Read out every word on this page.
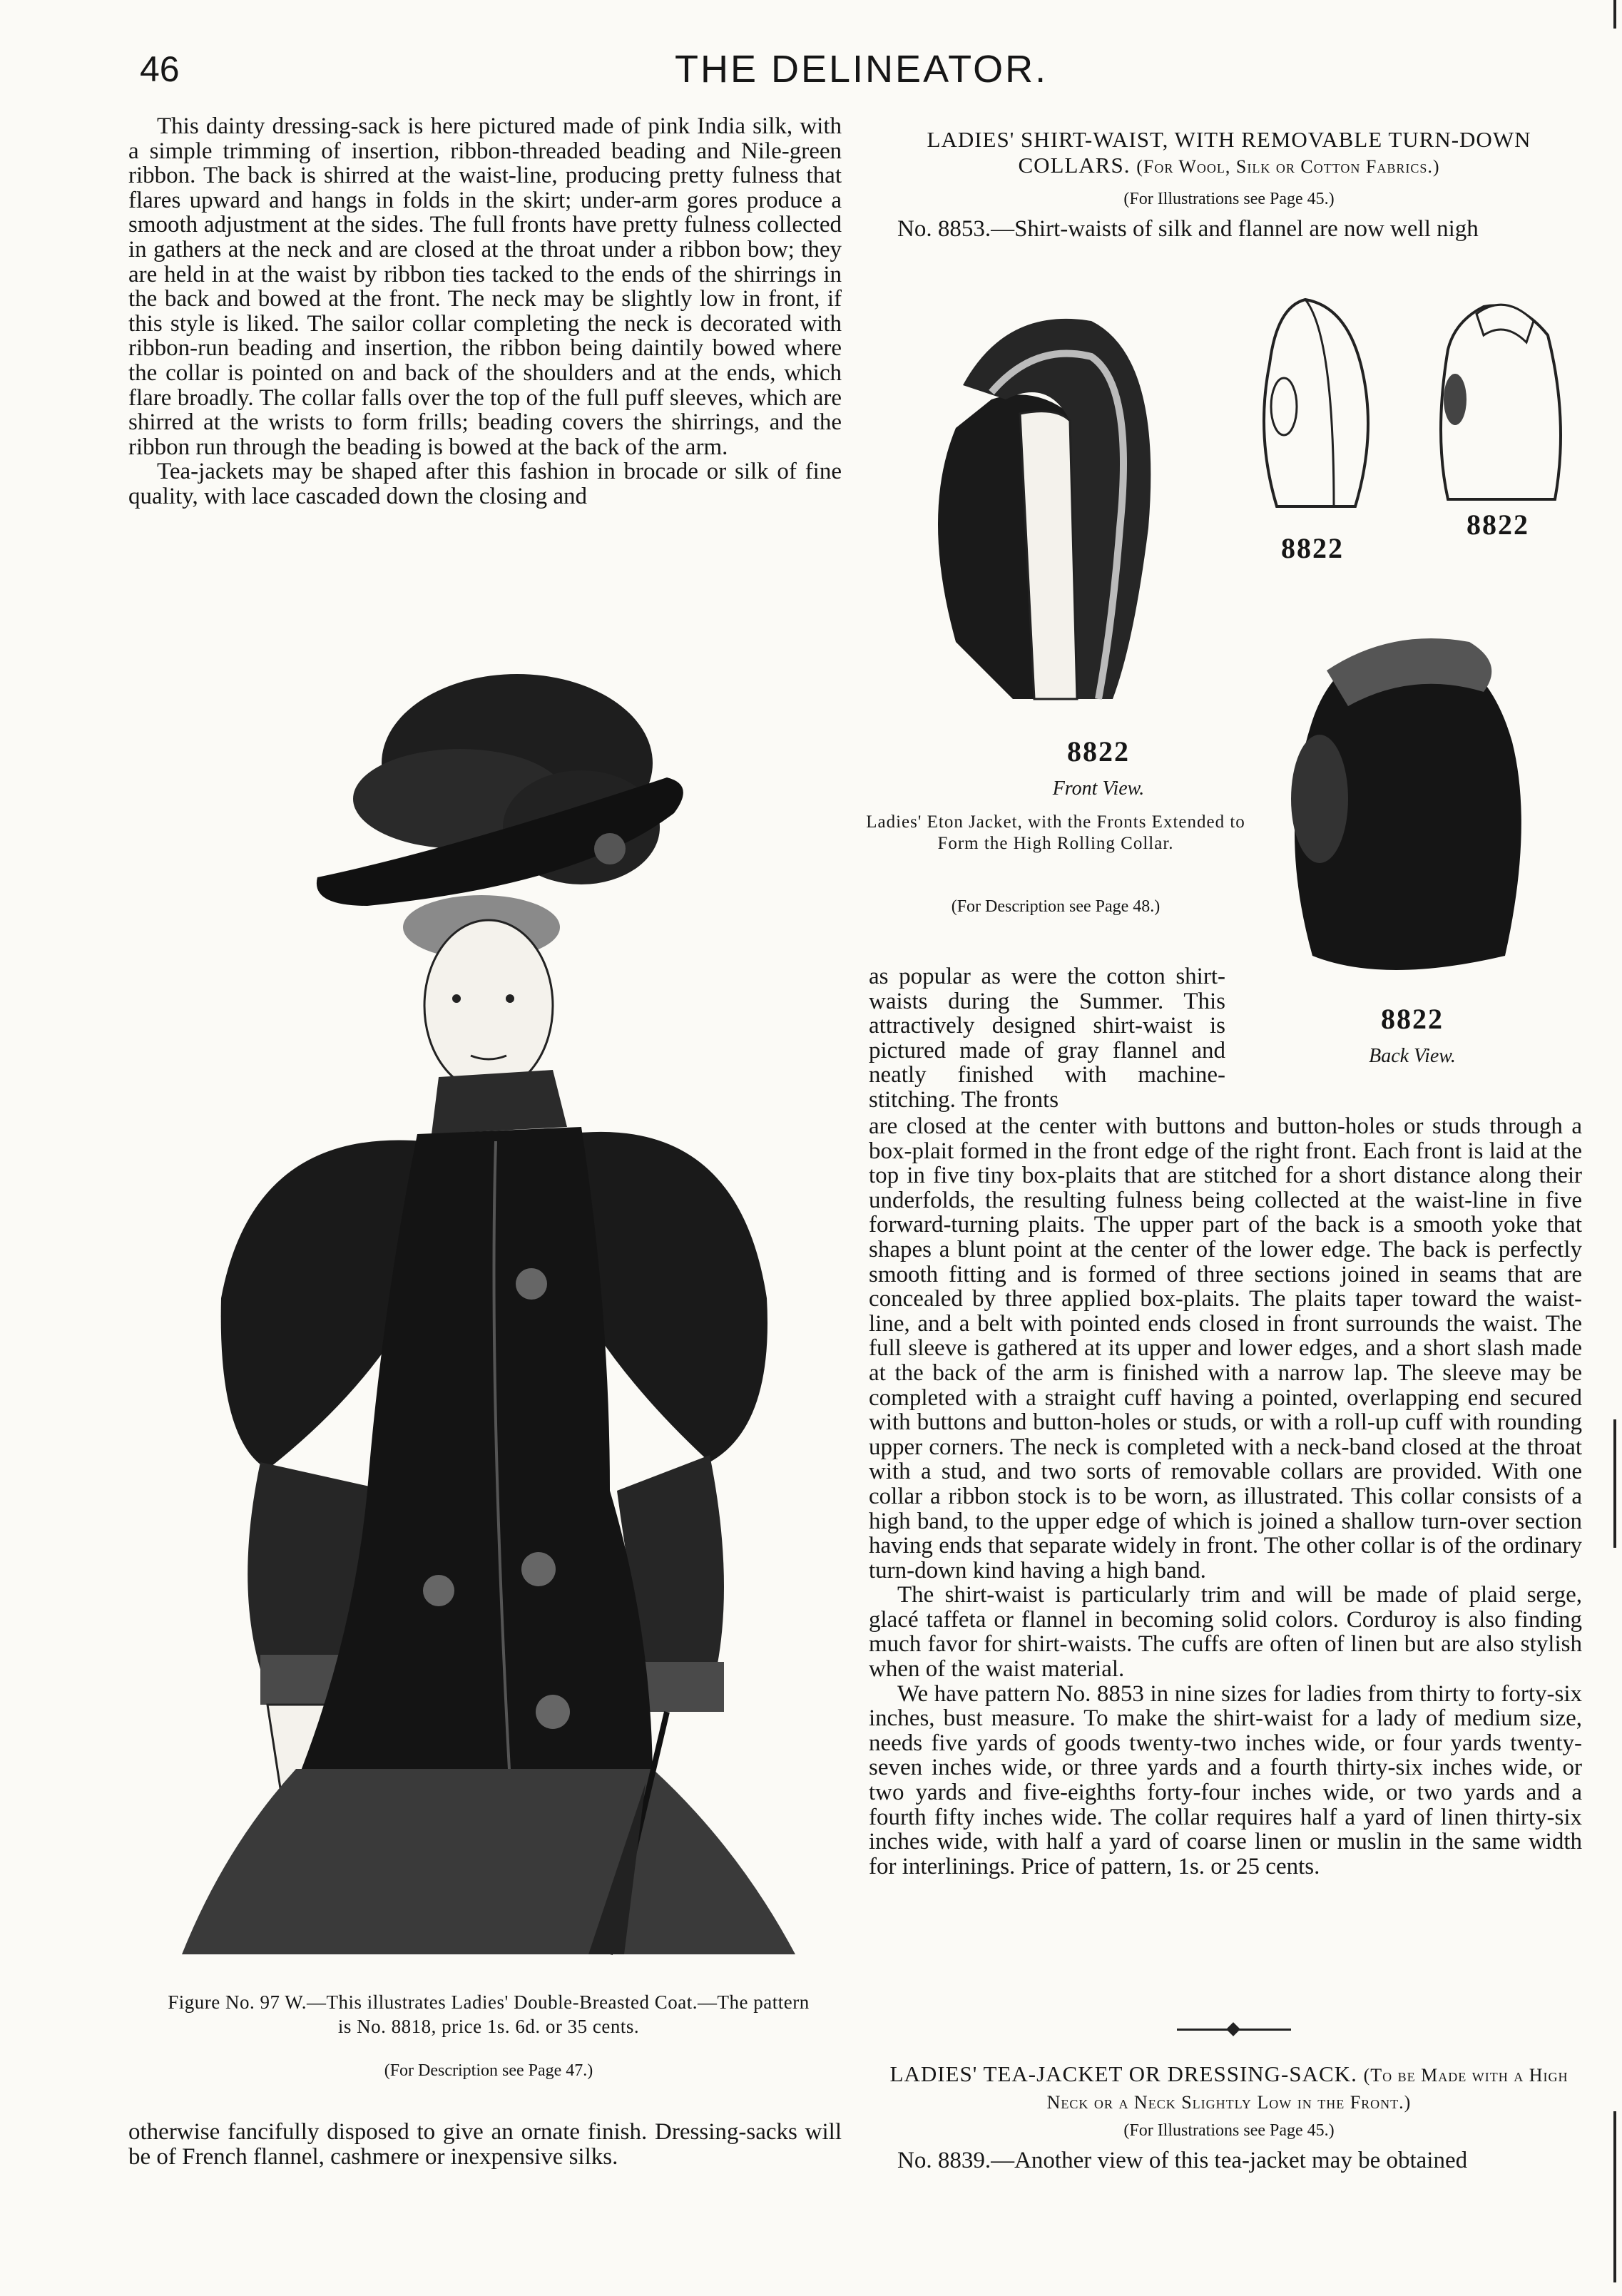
46	THE DELINEATOR.

This dainty dressing-sack is here pictured made of pink India silk, with a simple trimming of insertion, ribbon-threaded beading and Nile-green ribbon. The back is shirred at the waist-line, producing pretty fulness that flares upward and hangs in folds in the skirt; under-arm gores produce a smooth adjustment at the sides. The full fronts have pretty fulness collected in gathers at the neck and are closed at the throat under a ribbon bow; they are held in at the waist by ribbon ties tacked to the ends of the shirrings in the back and bowed at the front. The neck may be slightly low in front, if this style is liked. The sailor collar completing the neck is decorated with ribbon-run beading and insertion, the ribbon being daintily bowed where the collar is pointed on and back of the shoulders and at the ends, which flare broadly. The collar falls over the top of the full puff sleeves, which are shirred at the wrists to form frills; beading covers the shirrings, and the ribbon run through the beading is bowed at the back of the arm.

Tea-jackets may be shaped after this fashion in brocade or silk of fine quality, with lace cascaded down the closing and

Figure No. 97 W.—This illustrates Ladies' Double-Breasted Coat.—The pattern is No. 8818, price 1s. 6d. or 35 cents.
(For Description see Page 47.)

otherwise fancifully disposed to give an ornate finish. Dressing-sacks will be of French flannel, cashmere or inexpensive silks.

LADIES' SHIRT-WAIST, WITH REMOVABLE TURN-DOWN COLLARS. (For Wool, Silk or Cotton Fabrics.)
(For Illustrations see Page 45.)
No. 8853.—Shirt-waists of silk and flannel are now well nigh
8822
Front View.
8822
8822
8822
Back View.
Ladies' Eton Jacket, with the Fronts Extended to Form the High Rolling Collar.
(For Description see Page 48.)

as popular as were the cotton shirt-waists during the Summer. This attractively designed shirt-waist is pictured made of gray flannel and neatly finished with machine-stitching. The fronts

are closed at the center with buttons and button-holes or studs through a box-plait formed in the front edge of the right front. Each front is laid at the top in five tiny box-plaits that are stitched for a short distance along their underfolds, the resulting fulness being collected at the waist-line in five forward-turning plaits. The upper part of the back is a smooth yoke that shapes a blunt point at the center of the lower edge. The back is perfectly smooth fitting and is formed of three sections joined in seams that are concealed by three applied box-plaits. The plaits taper toward the waist-line, and a belt with pointed ends closed in front surrounds the waist. The full sleeve is gathered at its upper and lower edges, and a short slash made at the back of the arm is finished with a narrow lap. The sleeve may be completed with a straight cuff having a pointed, overlapping end secured with buttons and button-holes or studs, or with a roll-up cuff with rounding upper corners. The neck is completed with a neck-band closed at the throat with a stud, and two sorts of removable collars are provided. With one collar a ribbon stock is to be worn, as illustrated. This collar consists of a high band, to the upper edge of which is joined a shallow turn-over section having ends that separate widely in front. The other collar is of the ordinary turn-down kind having a high band.

The shirt-waist is particularly trim and will be made of plaid serge, glacé taffeta or flannel in becoming solid colors. Corduroy is also finding much favor for shirt-waists. The cuffs are often of linen but are also stylish when of the waist material.

We have pattern No. 8853 in nine sizes for ladies from thirty to forty-six inches, bust measure. To make the shirt-waist for a lady of medium size, needs five yards of goods twenty-two inches wide, or four yards twenty-seven inches wide, or three yards and a fourth thirty-six inches wide, or two yards and five-eighths forty-four inches wide, or two yards and a fourth fifty inches wide. The collar requires half a yard of linen thirty-six inches wide, with half a yard of coarse linen or muslin in the same width for interlinings. Price of pattern, 1s. or 25 cents.

LADIES' TEA-JACKET OR DRESSING-SACK. (To be Made with a High Neck or a Neck Slightly Low in the Front.)
(For Illustrations see Page 45.)
No. 8839.—Another view of this tea-jacket may be obtained
